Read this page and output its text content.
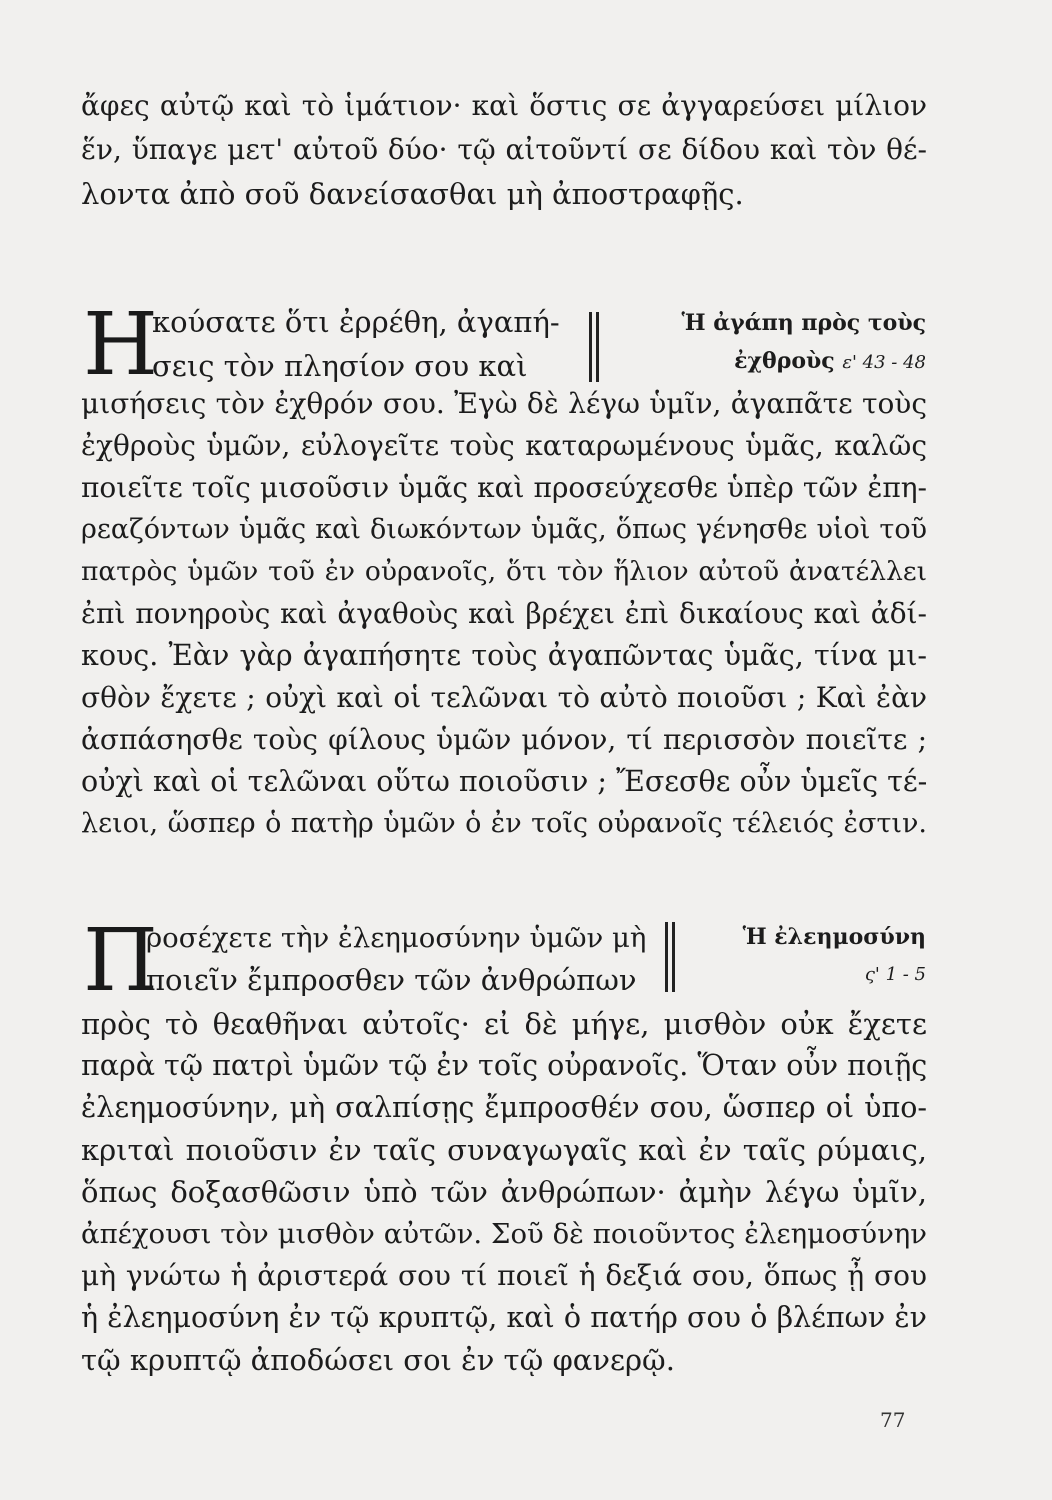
ἄφες αὐτῷ καὶ τὸ ἱμάτιον· καὶ ὅστις σε ἀγγαρεύσει μίλιον
ἕν, ὕπαγε μετ' αὐτοῦ δύο· τῷ αἰτοῦντί σε δίδου καὶ τὸν θέ-
λοντα ἀπὸ σοῦ δανείσασθαι μὴ ἀποστραφῇς.
Η
κούσατε ὅτι ἐρρέθη, ἀγαπή-
σεις τὸν πλησίον σου καὶ
Ἡ ἀγάπη πρὸς τοὺς
ἐχθροὺς ε' 43 - 48
μισήσεις τὸν ἐχθρόν σου. Ἐγὼ δὲ λέγω ὑμῖν, ἀγαπᾶτε τοὺς
ἐχθροὺς ὑμῶν, εὐλογεῖτε τοὺς καταρωμένους ὑμᾶς, καλῶς
ποιεῖτε τοῖς μισοῦσιν ὑμᾶς καὶ προσεύχεσθε ὑπὲρ τῶν ἐπη-
ρεαζόντων ὑμᾶς καὶ διωκόντων ὑμᾶς, ὅπως γένησθε υἱοὶ τοῦ
πατρὸς ὑμῶν τοῦ ἐν οὐρανοῖς, ὅτι τὸν ἥλιον αὐτοῦ ἀνατέλλει
ἐπὶ πονηροὺς καὶ ἀγαθοὺς καὶ βρέχει ἐπὶ δικαίους καὶ ἀδί-
κους. Ἐὰν γὰρ ἀγαπήσητε τοὺς ἀγαπῶντας ὑμᾶς, τίνα μι-
σθὸν ἔχετε ; οὐχὶ καὶ οἱ τελῶναι τὸ αὐτὸ ποιοῦσι ; Καὶ ἐὰν
ἀσπάσησθε τοὺς φίλους ὑμῶν μόνον, τί περισσὸν ποιεῖτε ;
οὐχὶ καὶ οἱ τελῶναι οὕτω ποιοῦσιν ; Ἔσεσθε οὖν ὑμεῖς τέ-
λειοι, ὥσπερ ὁ πατὴρ ὑμῶν ὁ ἐν τοῖς οὐρανοῖς τέλειός ἐστιν.
Π
ροσέχετε τὴν ἐλεημοσύνην ὑμῶν μὴ
ποιεῖν ἔμπροσθεν τῶν ἀνθρώπων
Ἡ ἐλεημοσύνη
ς' 1 - 5
πρὸς τὸ θεαθῆναι αὐτοῖς· εἰ δὲ μήγε, μισθὸν οὐκ ἔχετε
παρὰ τῷ πατρὶ ὑμῶν τῷ ἐν τοῖς οὐρανοῖς. Ὅταν οὖν ποιῇς
ἐλεημοσύνην, μὴ σαλπίσῃς ἔμπροσθέν σου, ὥσπερ οἱ ὑπο-
κριταὶ ποιοῦσιν ἐν ταῖς συναγωγαῖς καὶ ἐν ταῖς ρύμαις,
ὅπως δοξασθῶσιν ὑπὸ τῶν ἀνθρώπων· ἀμὴν λέγω ὑμῖν,
ἀπέχουσι τὸν μισθὸν αὐτῶν. Σοῦ δὲ ποιοῦντος ἐλεημοσύνην
μὴ γνώτω ἡ ἀριστερά σου τί ποιεῖ ἡ δεξιά σου, ὅπως ᾖ σου
ἡ ἐλεημοσύνη ἐν τῷ κρυπτῷ, καὶ ὁ πατήρ σου ὁ βλέπων ἐν
τῷ κρυπτῷ ἀποδώσει σοι ἐν τῷ φανερῷ.
77
